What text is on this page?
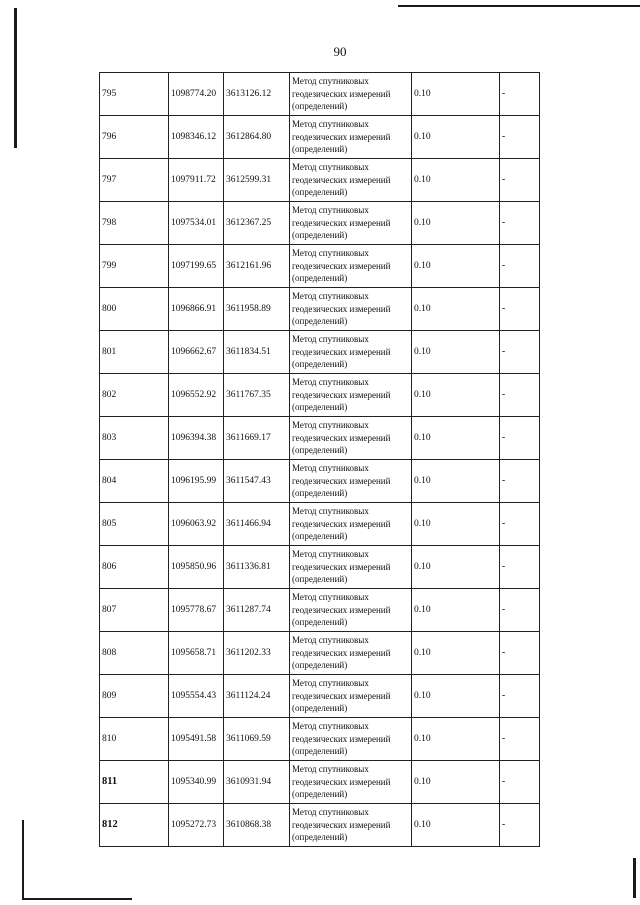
90
795	1098774.20	3613126.12	Метод спутниковых геодезических измерений (определений)	0.10	-
796	1098346.12	3612864.80	Метод спутниковых геодезических измерений (определений)	0.10	-
797	1097911.72	3612599.31	Метод спутниковых геодезических измерений (определений)	0.10	-
798	1097534.01	3612367.25	Метод спутниковых геодезических измерений (определений)	0.10	-
799	1097199.65	3612161.96	Метод спутниковых геодезических измерений (определений)	0.10	-
800	1096866.91	3611958.89	Метод спутниковых геодезических измерений (определений)	0.10	-
801	1096662.67	3611834.51	Метод спутниковых геодезических измерений (определений)	0.10	-
802	1096552.92	3611767.35	Метод спутниковых геодезических измерений (определений)	0.10	-
803	1096394.38	3611669.17	Метод спутниковых геодезических измерений (определений)	0.10	-
804	1096195.99	3611547.43	Метод спутниковых геодезических измерений (определений)	0.10	-
805	1096063.92	3611466.94	Метод спутниковых геодезических измерений (определений)	0.10	-
806	1095850.96	3611336.81	Метод спутниковых геодезических измерений (определений)	0.10	-
807	1095778.67	3611287.74	Метод спутниковых геодезических измерений (определений)	0.10	-
808	1095658.71	3611202.33	Метод спутниковых геодезических измерений (определений)	0.10	-
809	1095554.43	3611124.24	Метод спутниковых геодезических измерений (определений)	0.10	-
810	1095491.58	3611069.59	Метод спутниковых геодезических измерений (определений)	0.10	-
811	1095340.99	3610931.94	Метод спутниковых геодезических измерений (определений)	0.10	-
812	1095272.73	3610868.38	Метод спутниковых геодезических измерений (определений)	0.10	-
